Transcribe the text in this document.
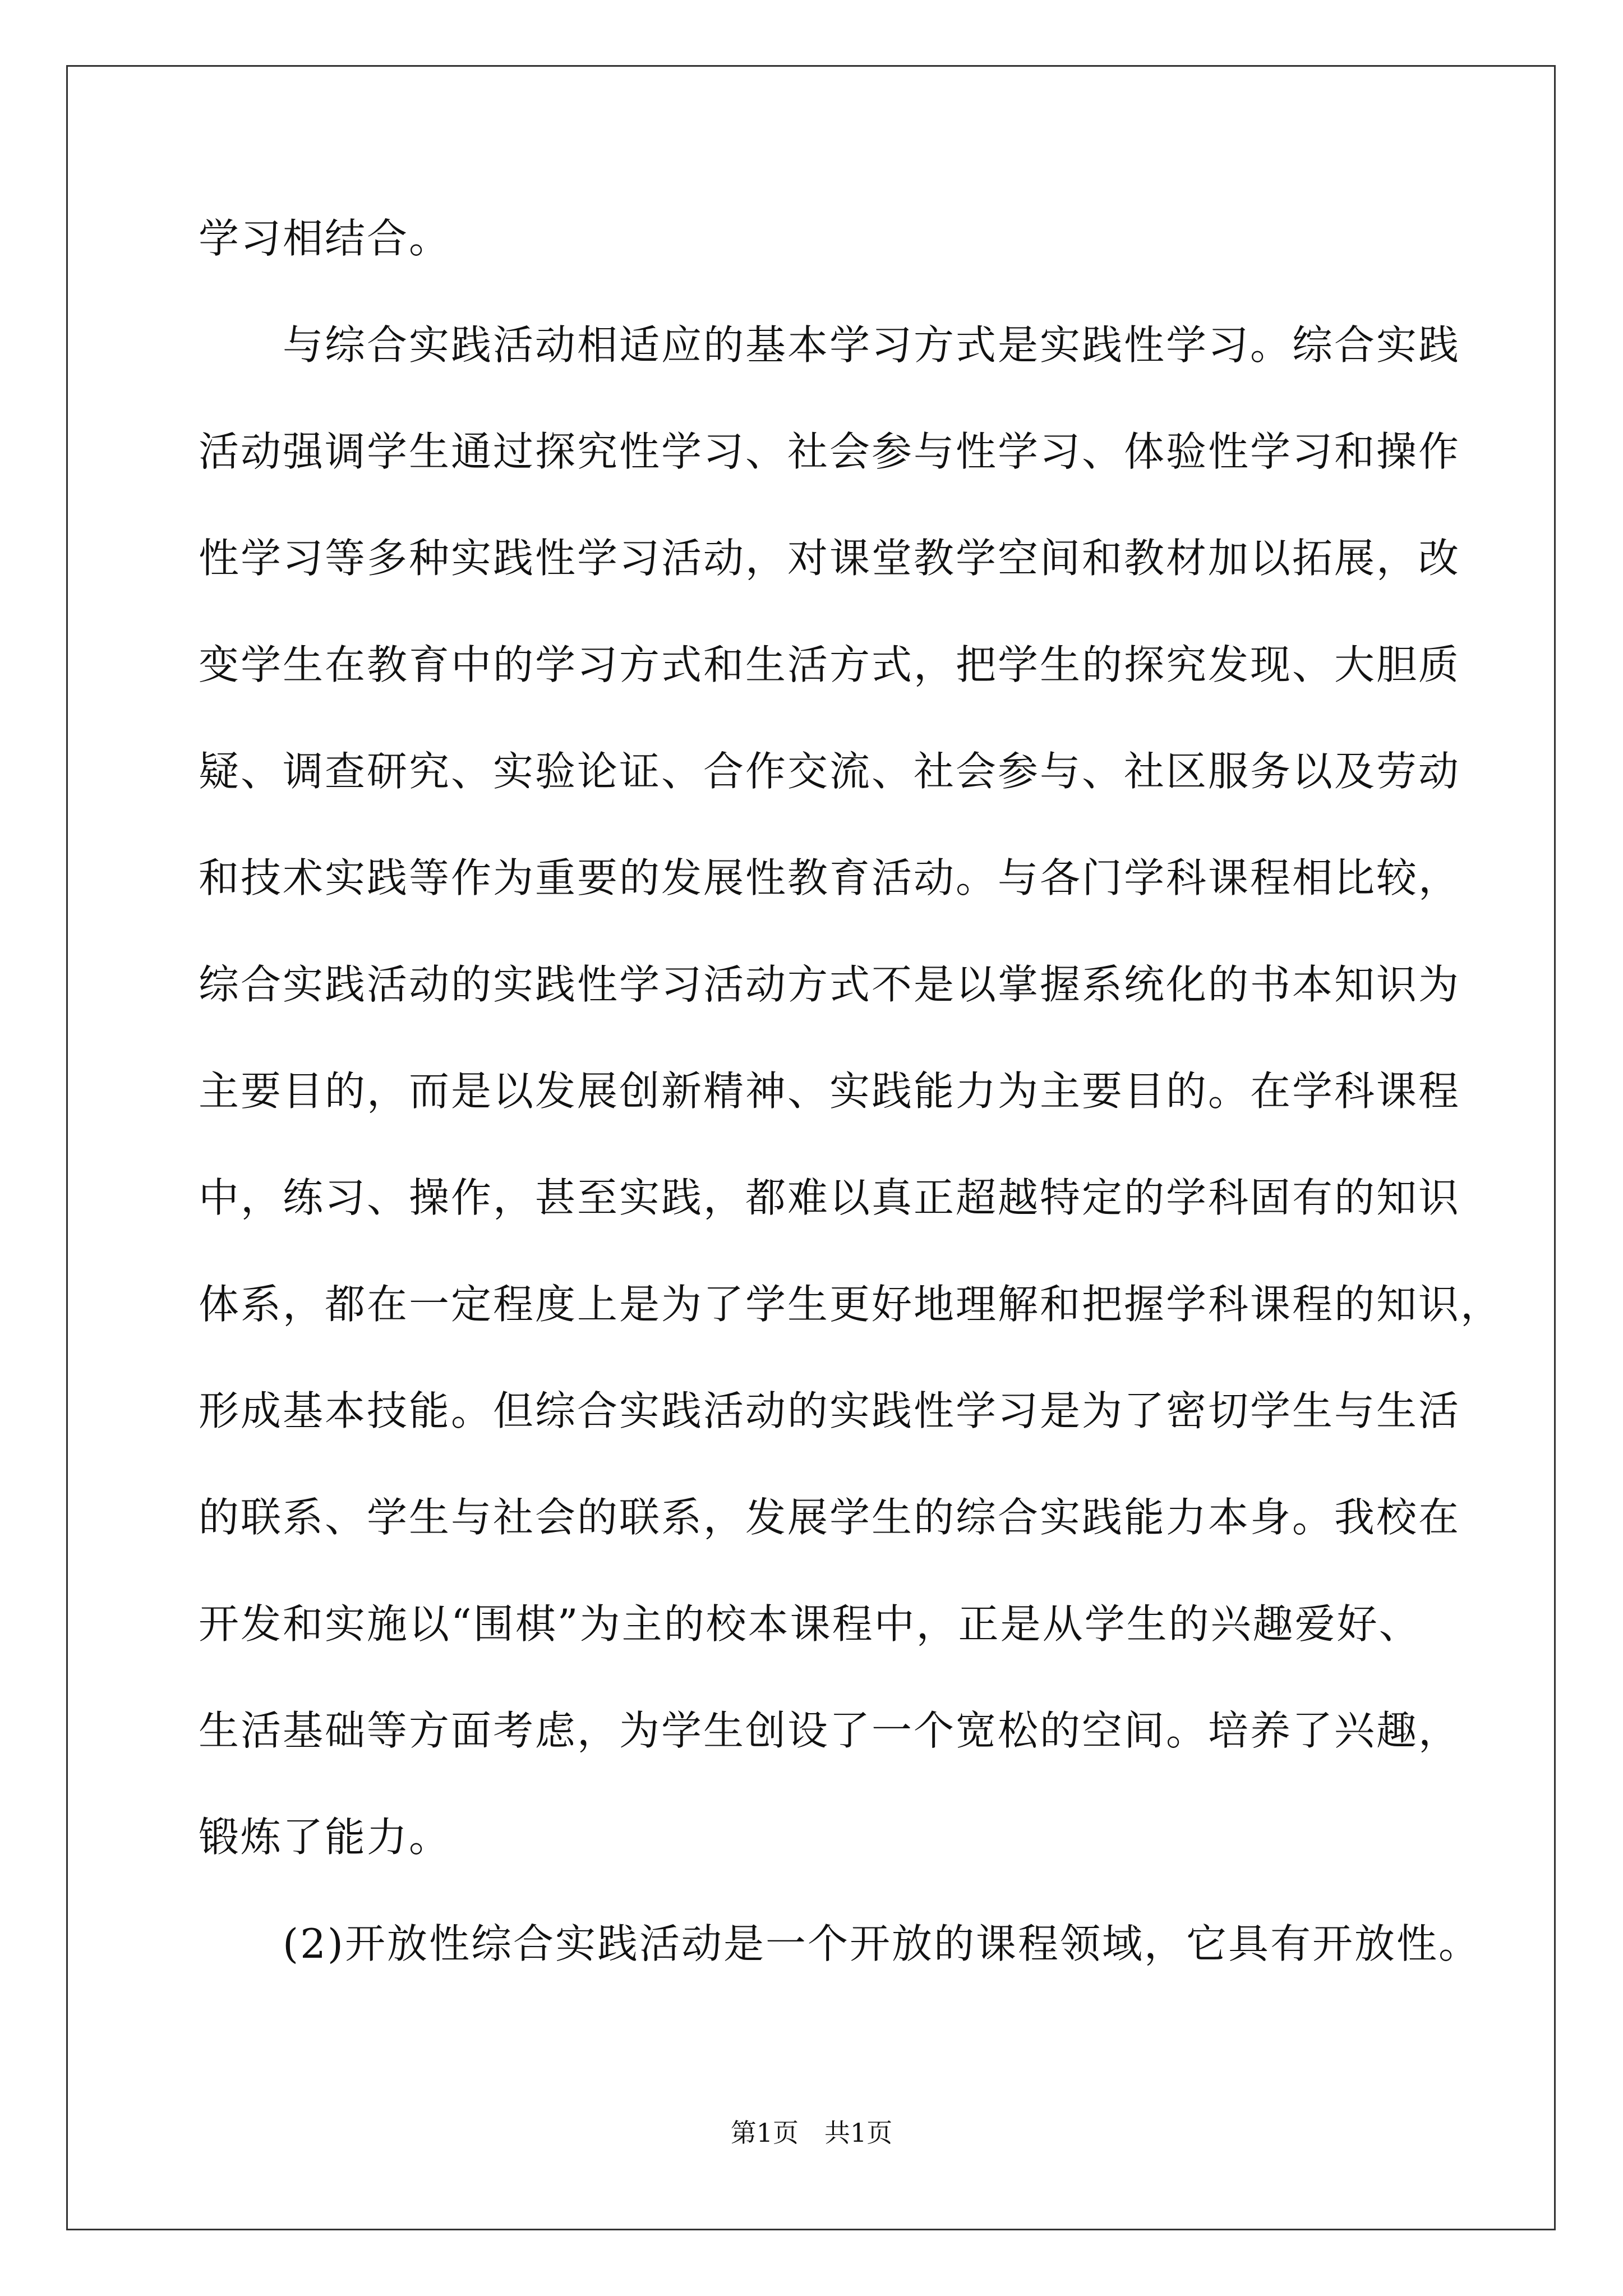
学习相结合。
与综合实践活动相适应的基本学习方式是实践性学习。综合实践
活动强调学生通过探究性学习、社会参与性学习、体验性学习和操作
性学习等多种实践性学习活动，对课堂教学空间和教材加以拓展，改
变学生在教育中的学习方式和生活方式，把学生的探究发现、大胆质
疑、调查研究、实验论证、合作交流、社会参与、社区服务以及劳动
和技术实践等作为重要的发展性教育活动。与各门学科课程相比较，
综合实践活动的实践性学习活动方式不是以掌握系统化的书本知识为
主要目的，而是以发展创新精神、实践能力为主要目的。在学科课程
中，练习、操作，甚至实践，都难以真正超越特定的学科固有的知识
体系，都在一定程度上是为了学生更好地理解和把握学科课程的知识，
形成基本技能。但综合实践活动的实践性学习是为了密切学生与生活
的联系、学生与社会的联系，发展学生的综合实践能力本身。我校在
开发和实施以“围棋”为主的校本课程中，正是从学生的兴趣爱好、
生活基础等方面考虑，为学生创设了一个宽松的空间。培养了兴趣，
锻炼了能力。
(2)开放性综合实践活动是一个开放的课程领域，它具有开放性。
第1页　共1页
